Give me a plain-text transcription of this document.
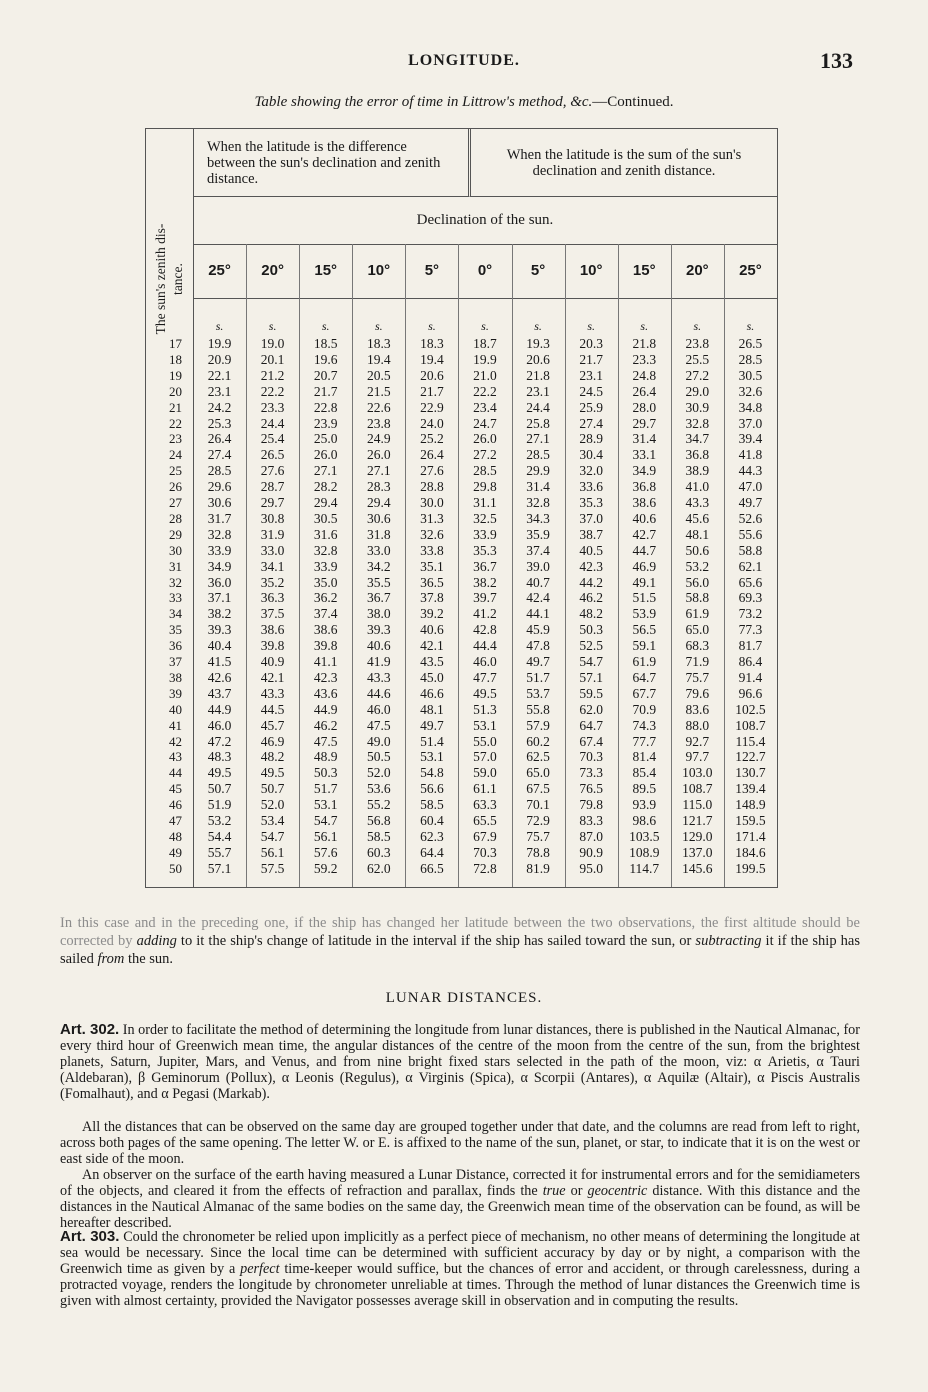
LONGITUDE.	133
Table showing the error of time in Littrow's method, &c.—Continued.
The sun's zenith dis- tance.
When the latitude is the difference between the sun's declination and zenith distance.
When the latitude is the sum of the sun's declination and zenith distance.
Declination of the sun.
25°	20°	15°	10°	5°	0°	5°	10°	15°	20°	25°
s.	s.	s.	s.	s.	s.	s.	s.	s.	s.	s.
17	19.9	19.0	18.5	18.3	18.3	18.7	19.3	20.3	21.8	23.8	26.5
18	20.9	20.1	19.6	19.4	19.4	19.9	20.6	21.7	23.3	25.5	28.5
19	22.1	21.2	20.7	20.5	20.6	21.0	21.8	23.1	24.8	27.2	30.5
20	23.1	22.2	21.7	21.5	21.7	22.2	23.1	24.5	26.4	29.0	32.6
21	24.2	23.3	22.8	22.6	22.9	23.4	24.4	25.9	28.0	30.9	34.8
22	25.3	24.4	23.9	23.8	24.0	24.7	25.8	27.4	29.7	32.8	37.0
23	26.4	25.4	25.0	24.9	25.2	26.0	27.1	28.9	31.4	34.7	39.4
24	27.4	26.5	26.0	26.0	26.4	27.2	28.5	30.4	33.1	36.8	41.8
25	28.5	27.6	27.1	27.1	27.6	28.5	29.9	32.0	34.9	38.9	44.3
26	29.6	28.7	28.2	28.3	28.8	29.8	31.4	33.6	36.8	41.0	47.0
27	30.6	29.7	29.4	29.4	30.0	31.1	32.8	35.3	38.6	43.3	49.7
28	31.7	30.8	30.5	30.6	31.3	32.5	34.3	37.0	40.6	45.6	52.6
29	32.8	31.9	31.6	31.8	32.6	33.9	35.9	38.7	42.7	48.1	55.6
30	33.9	33.0	32.8	33.0	33.8	35.3	37.4	40.5	44.7	50.6	58.8
31	34.9	34.1	33.9	34.2	35.1	36.7	39.0	42.3	46.9	53.2	62.1
32	36.0	35.2	35.0	35.5	36.5	38.2	40.7	44.2	49.1	56.0	65.6
33	37.1	36.3	36.2	36.7	37.8	39.7	42.4	46.2	51.5	58.8	69.3
34	38.2	37.5	37.4	38.0	39.2	41.2	44.1	48.2	53.9	61.9	73.2
35	39.3	38.6	38.6	39.3	40.6	42.8	45.9	50.3	56.5	65.0	77.3
36	40.4	39.8	39.8	40.6	42.1	44.4	47.8	52.5	59.1	68.3	81.7
37	41.5	40.9	41.1	41.9	43.5	46.0	49.7	54.7	61.9	71.9	86.4
38	42.6	42.1	42.3	43.3	45.0	47.7	51.7	57.1	64.7	75.7	91.4
39	43.7	43.3	43.6	44.6	46.6	49.5	53.7	59.5	67.7	79.6	96.6
40	44.9	44.5	44.9	46.0	48.1	51.3	55.8	62.0	70.9	83.6	102.5
41	46.0	45.7	46.2	47.5	49.7	53.1	57.9	64.7	74.3	88.0	108.7
42	47.2	46.9	47.5	49.0	51.4	55.0	60.2	67.4	77.7	92.7	115.4
43	48.3	48.2	48.9	50.5	53.1	57.0	62.5	70.3	81.4	97.7	122.7
44	49.5	49.5	50.3	52.0	54.8	59.0	65.0	73.3	85.4	103.0	130.7
45	50.7	50.7	51.7	53.6	56.6	61.1	67.5	76.5	89.5	108.7	139.4
46	51.9	52.0	53.1	55.2	58.5	63.3	70.1	79.8	93.9	115.0	148.9
47	53.2	53.4	54.7	56.8	60.4	65.5	72.9	83.3	98.6	121.7	159.5
48	54.4	54.7	56.1	58.5	62.3	67.9	75.7	87.0	103.5	129.0	171.4
49	55.7	56.1	57.6	60.3	64.4	70.3	78.8	90.9	108.9	137.0	184.6
50	57.1	57.5	59.2	62.0	66.5	72.8	81.9	95.0	114.7	145.6	199.5
In this case and in the preceding one, if the ship has changed her latitude between the two observations, the first altitude should be corrected by adding to it the ship's change of latitude in the interval if the ship has sailed toward the sun, or subtracting it if the ship has sailed from the sun.
LUNAR DISTANCES.
Art. 302. In order to facilitate the method of determining the longitude from lunar distances, there is published in the Nautical Almanac, for every third hour of Greenwich mean time, the angular distances of the centre of the moon from the centre of the sun, from the brightest planets, Saturn, Jupiter, Mars, and Venus, and from nine bright fixed stars selected in the path of the moon, viz: α Arietis, α Tauri (Aldebaran), β Geminorum (Pollux), α Leonis (Regulus), α Virginis (Spica), α Scorpii (Antares), α Aquilæ (Altair), α Piscis Australis (Fomalhaut), and α Pegasi (Markab).
All the distances that can be observed on the same day are grouped together under that date, and the columns are read from left to right, across both pages of the same opening. The letter W. or E. is affixed to the name of the sun, planet, or star, to indicate that it is on the west or east side of the moon.
An observer on the surface of the earth having measured a Lunar Distance, corrected it for instrumental errors and for the semidiameters of the objects, and cleared it from the effects of refraction and parallax, finds the true or geocentric distance. With this distance and the distances in the Nautical Almanac of the same bodies on the same day, the Greenwich mean time of the observation can be found, as will be hereafter described.
Art. 303. Could the chronometer be relied upon implicitly as a perfect piece of mechanism, no other means of determining the longitude at sea would be necessary. Since the local time can be determined with sufficient accuracy by day or by night, a comparison with the Greenwich time as given by a perfect time-keeper would suffice, but the chances of error and accident, or through carelessness, during a protracted voyage, renders the longitude by chronometer unreliable at times. Through the method of lunar distances the Greenwich time is given with almost certainty, provided the Navigator possesses average skill in observation and in computing the results.
